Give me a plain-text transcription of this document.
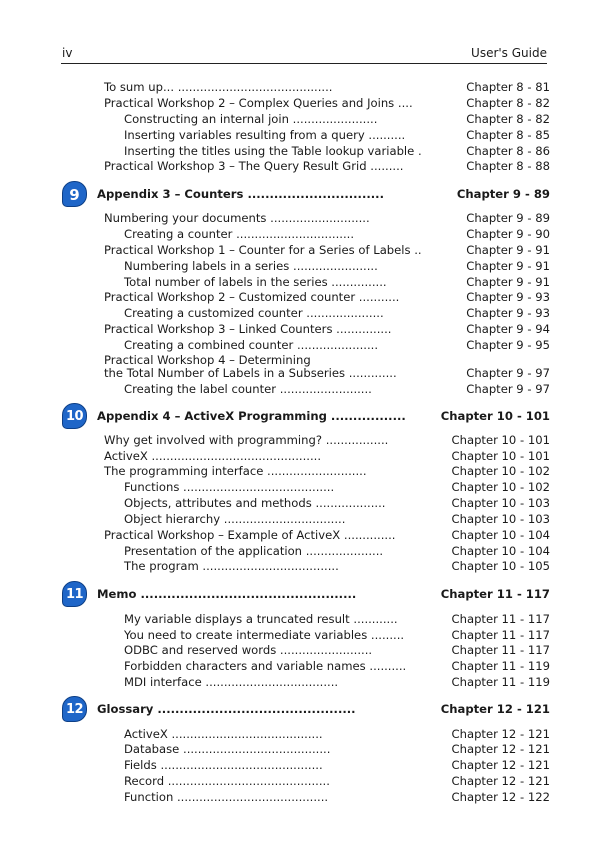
iv	User's Guide
To sum up... ..........................................	Chapter 8 - 81
Practical Workshop 2 – Complex Queries and Joins ....	Chapter 8 - 82
Constructing an internal join .......................	Chapter 8 - 82
Inserting variables resulting from a query ..........	Chapter 8 - 85
Inserting the titles using the Table lookup variable .	Chapter 8 - 86
Practical Workshop 3 – The Query Result Grid .........	Chapter 8 - 88
Appendix 3 – Counters ...............................	Chapter 9 - 89
9
Numbering your documents ...........................	Chapter 9 - 89
Creating a counter ................................	Chapter 9 - 90
Practical Workshop 1 – Counter for a Series of Labels ..	Chapter 9 - 91
Numbering labels in a series .......................	Chapter 9 - 91
Total number of labels in the series ...............	Chapter 9 - 91
Practical Workshop 2 – Customized counter ...........	Chapter 9 - 93
Creating a customized counter .....................	Chapter 9 - 93
Practical Workshop 3 – Linked Counters ...............	Chapter 9 - 94
Creating a combined counter ......................	Chapter 9 - 95
Practical Workshop 4 – Determining
the Total Number of Labels in a Subseries .............	Chapter 9 - 97
Creating the label counter .........................	Chapter 9 - 97
Appendix 4 – ActiveX Programming .................	Chapter 10 - 101
10
Why get involved with programming? .................	Chapter 10 - 101
ActiveX ..............................................	Chapter 10 - 101
The programming interface ...........................	Chapter 10 - 102
Functions .........................................	Chapter 10 - 102
Objects, attributes and methods ...................	Chapter 10 - 103
Object hierarchy .................................	Chapter 10 - 103
Practical Workshop – Example of ActiveX ..............	Chapter 10 - 104
Presentation of the application .....................	Chapter 10 - 104
The program .....................................	Chapter 10 - 105
Memo .................................................	Chapter 11 - 117
11
My variable displays a truncated result ............	Chapter 11 - 117
You need to create intermediate variables .........	Chapter 11 - 117
ODBC and reserved words .........................	Chapter 11 - 117
Forbidden characters and variable names ..........	Chapter 11 - 119
MDI interface ....................................	Chapter 11 - 119
Glossary .............................................	Chapter 12 - 121
12
ActiveX .........................................	Chapter 12 - 121
Database ........................................	Chapter 12 - 121
Fields ............................................	Chapter 12 - 121
Record ............................................	Chapter 12 - 121
Function .........................................	Chapter 12 - 122
